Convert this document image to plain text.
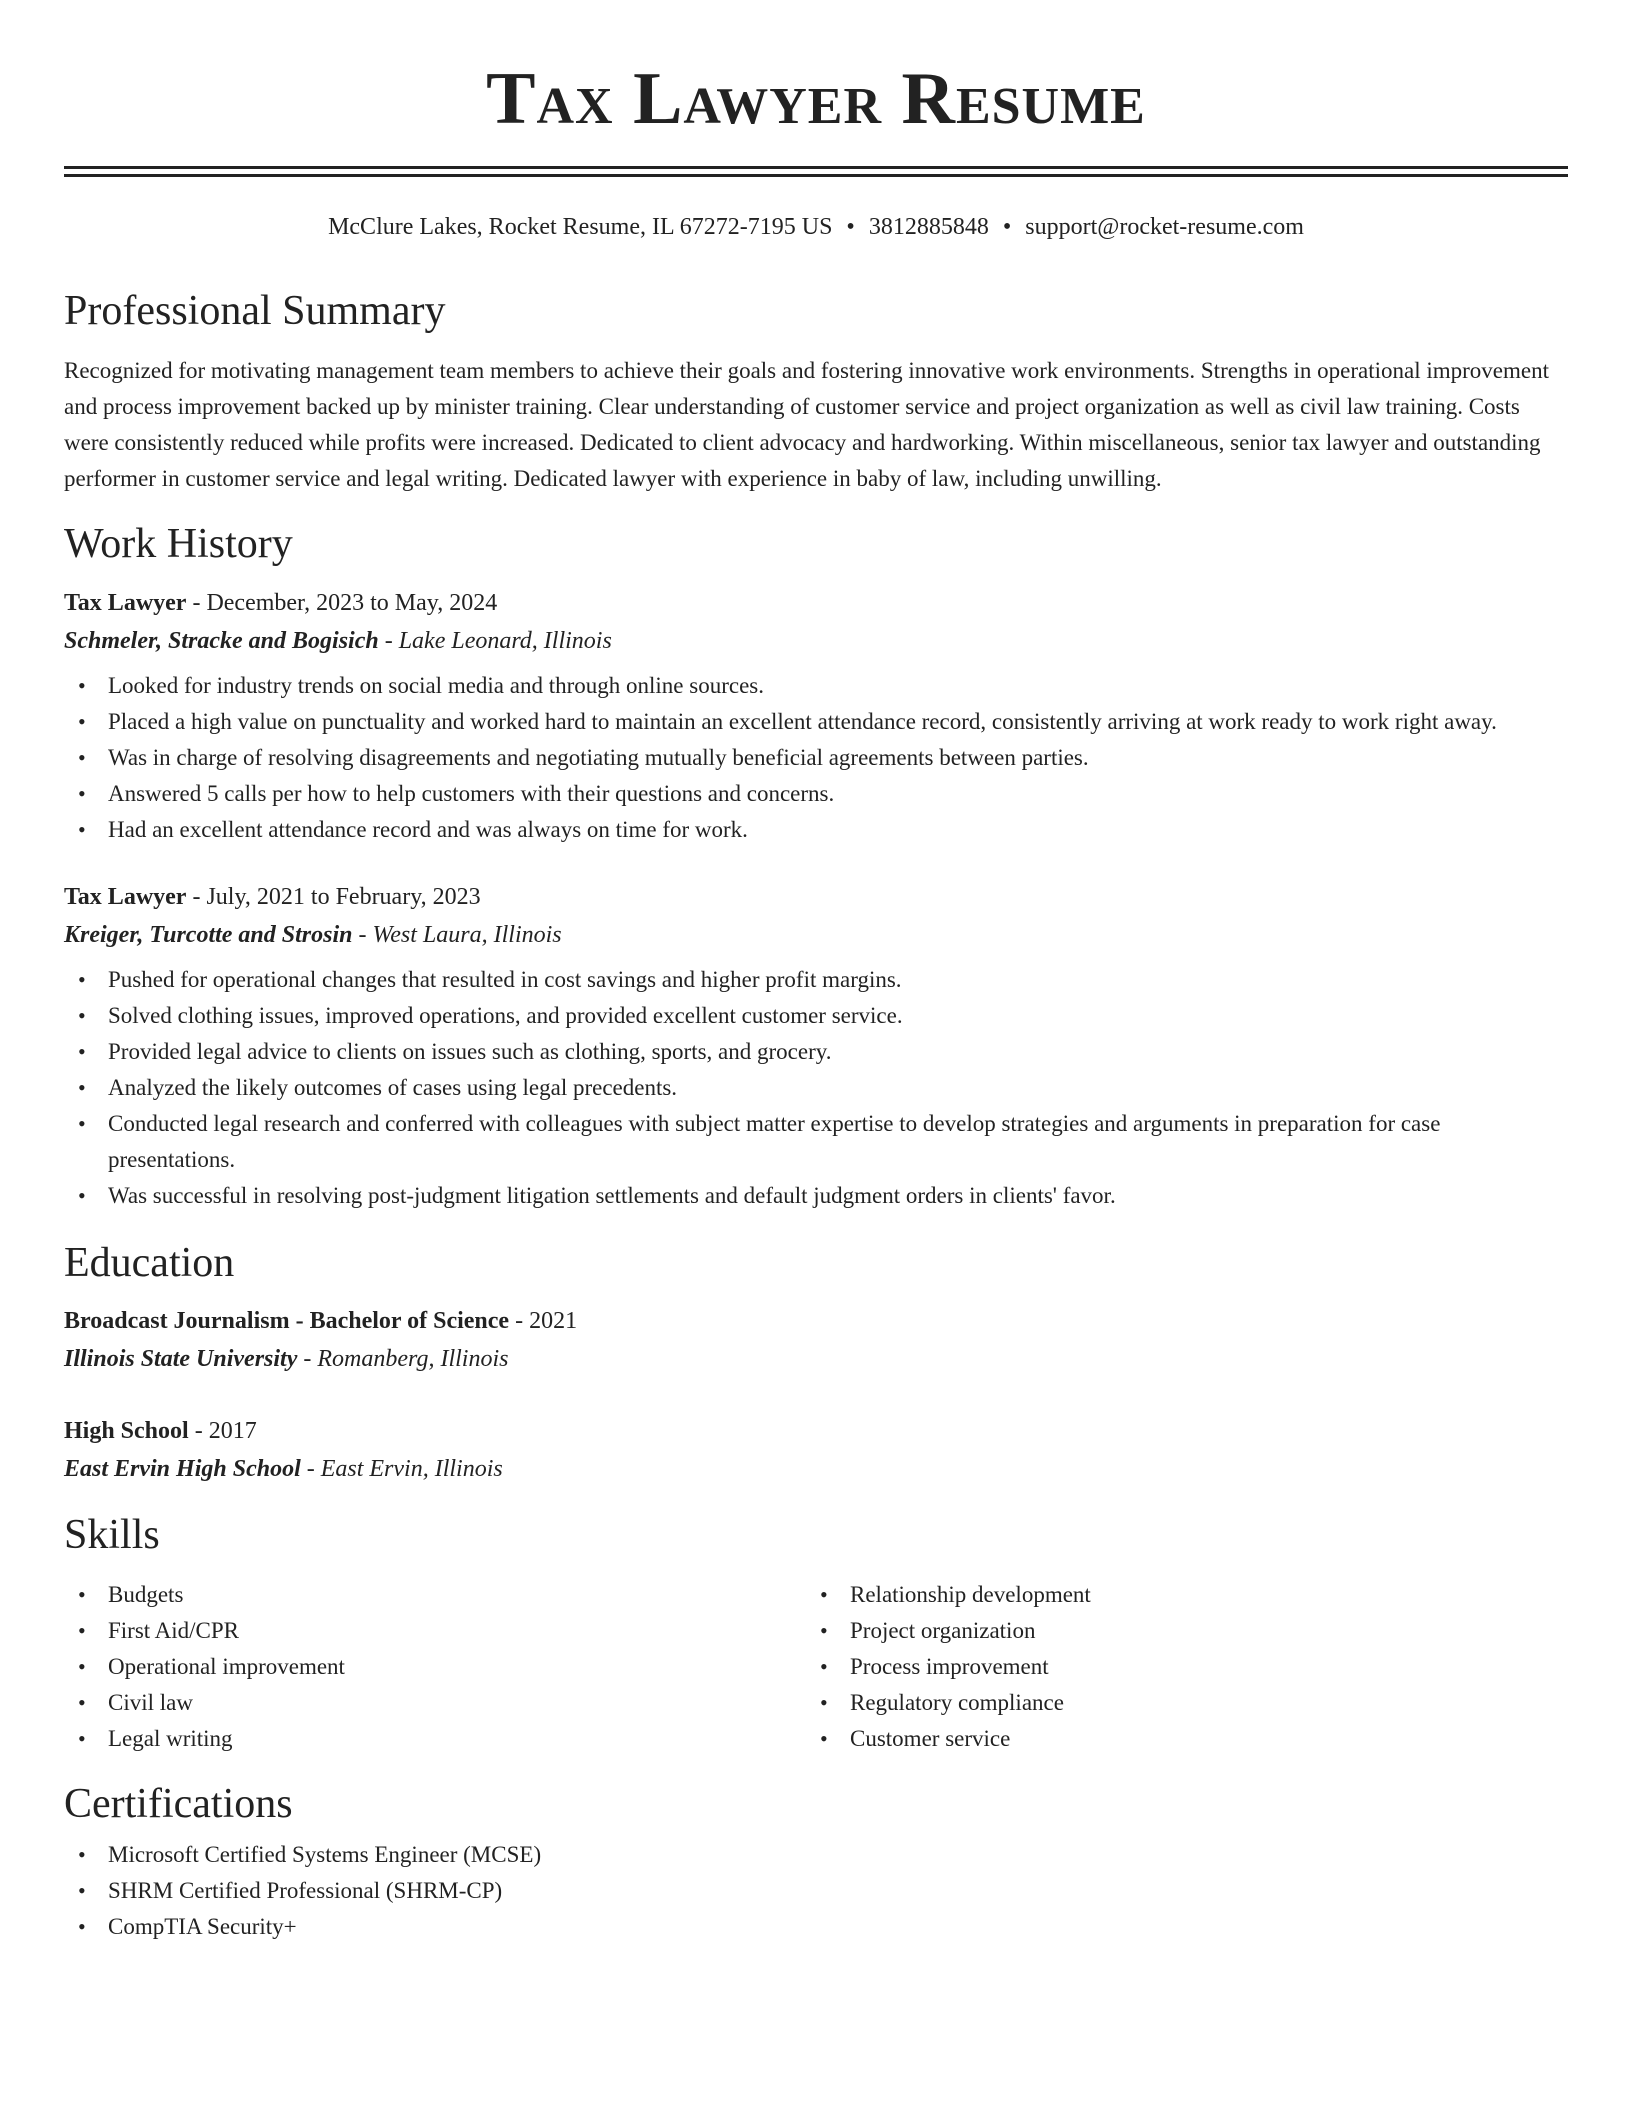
Tax Lawyer Resume
McClure Lakes, Rocket Resume, IL 67272-7195 US • 3812885848 • support@rocket-resume.com
Professional Summary

Recognized for motivating management team members to achieve their goals and fostering innovative work environments. Strengths in operational improvement and process improvement backed up by minister training. Clear understanding of customer service and project organization as well as civil law training. Costs were consistently reduced while profits were increased. Dedicated to client advocacy and hardworking. Within miscellaneous, senior tax lawyer and outstanding performer in customer service and legal writing. Dedicated lawyer with experience in baby of law, including unwilling.

Work History
Tax Lawyer - December, 2023 to May, 2024
Schmeler, Stracke and Bogisich - Lake Leonard, Illinois
• Looked for industry trends on social media and through online sources.
• Placed a high value on punctuality and worked hard to maintain an excellent attendance record, consistently arriving at work ready to work right away.
• Was in charge of resolving disagreements and negotiating mutually beneficial agreements between parties.
• Answered 5 calls per how to help customers with their questions and concerns.
• Had an excellent attendance record and was always on time for work.
Tax Lawyer - July, 2021 to February, 2023
Kreiger, Turcotte and Strosin - West Laura, Illinois
• Pushed for operational changes that resulted in cost savings and higher profit margins.
• Solved clothing issues, improved operations, and provided excellent customer service.
• Provided legal advice to clients on issues such as clothing, sports, and grocery.
• Analyzed the likely outcomes of cases using legal precedents.
• Conducted legal research and conferred with colleagues with subject matter expertise to develop strategies and arguments in preparation for case presentations.
• Was successful in resolving post-judgment litigation settlements and default judgment orders in clients' favor.
Education
Broadcast Journalism - Bachelor of Science - 2021
Illinois State University - Romanberg, Illinois
High School - 2017
East Ervin High School - East Ervin, Illinois
Skills
• Budgets
• First Aid/CPR
• Operational improvement
• Civil law
• Legal writing
• Relationship development
• Project organization
• Process improvement
• Regulatory compliance
• Customer service
Certifications
• Microsoft Certified Systems Engineer (MCSE)
• SHRM Certified Professional (SHRM-CP)
• CompTIA Security+
